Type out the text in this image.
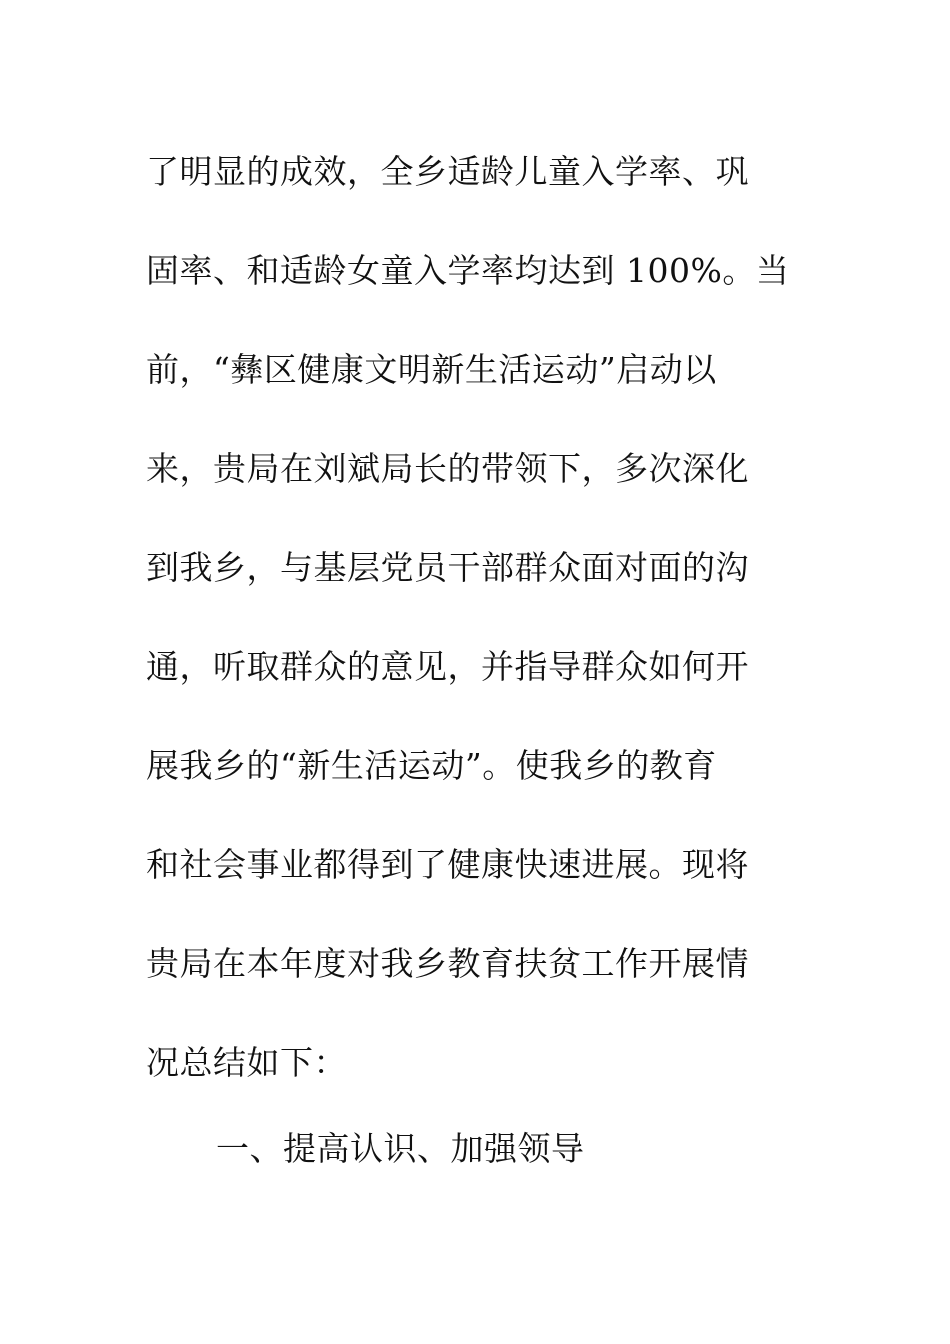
了明显的成效，全乡适龄儿童入学率、巩
固率、和适龄女童入学率均达到 100%。当
前，“彝区健康文明新生活运动”启动以
来，贵局在刘斌局长的带领下，多次深化
到我乡，与基层党员干部群众面对面的沟
通，听取群众的意见，并指导群众如何开
展我乡的“新生活运动”。使我乡的教育
和社会事业都得到了健康快速进展。现将
贵局在本年度对我乡教育扶贫工作开展情
况总结如下：
一、提高认识、加强领导
